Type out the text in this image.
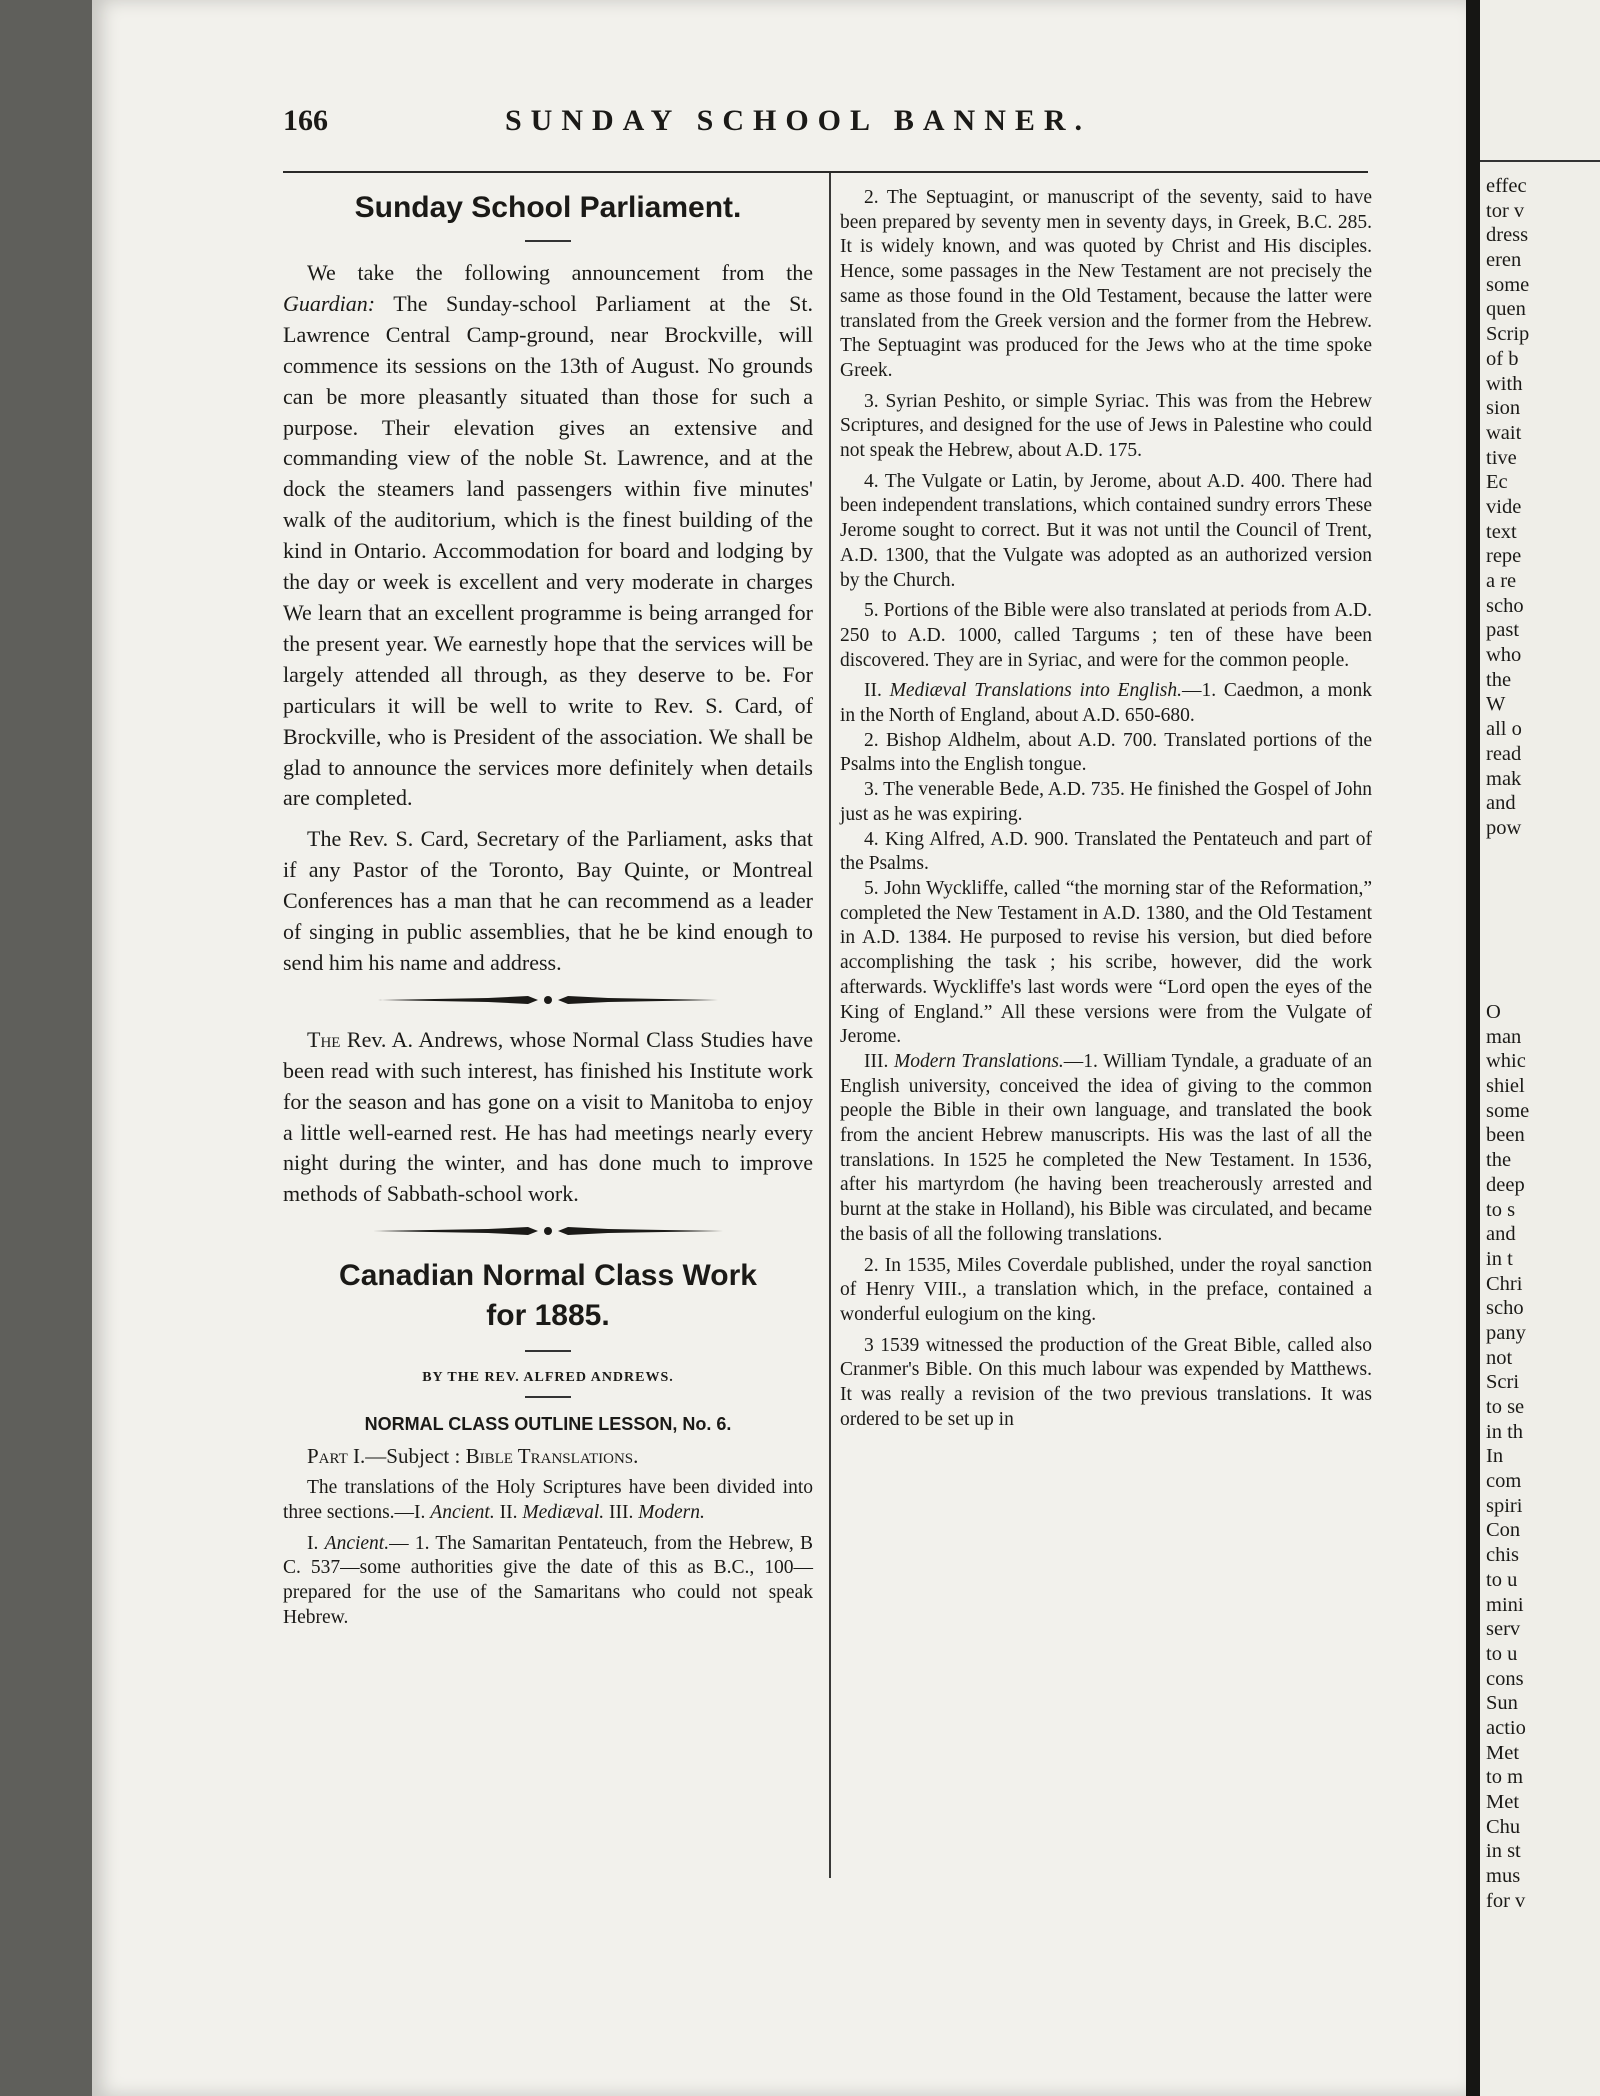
166	SUNDAY SCHOOL BANNER.
Sunday School Parliament.

We take the following announcement from the Guardian: The Sunday-school Parliament at the St. Lawrence Central Camp-ground, near Brockville, will commence its sessions on the 13th of August. No grounds can be more pleasantly situated than those for such a purpose. Their elevation gives an extensive and commanding view of the noble St. Lawrence, and at the dock the steamers land passengers within five minutes' walk of the auditorium, which is the finest building of the kind in Ontario. Accommodation for board and lodging by the day or week is excellent and very moderate in charges We learn that an excellent programme is being arranged for the present year. We earnestly hope that the services will be largely attended all through, as they deserve to be. For particulars it will be well to write to Rev. S. Card, of Brockville, who is President of the association. We shall be glad to announce the services more definitely when details are completed.

The Rev. S. Card, Secretary of the Parliament, asks that if any Pastor of the Toronto, Bay Quinte, or Montreal Conferences has a man that he can recommend as a leader of singing in public assemblies, that he be kind enough to send him his name and address.

The Rev. A. Andrews, whose Normal Class Studies have been read with such interest, has finished his Institute work for the season and has gone on a visit to Manitoba to enjoy a little well-earned rest. He has had meetings nearly every night during the winter, and has done much to improve methods of Sabbath-school work.

Canadian Normal Class Work
for 1885.
BY THE REV. ALFRED ANDREWS.
NORMAL CLASS OUTLINE LESSON, No. 6.

Part I.—Subject : Bible Translations.

The translations of the Holy Scriptures have been divided into three sections.—I. Ancient. II. Mediæval. III. Modern.

I. Ancient.— 1. The Samaritan Pentateuch, from the Hebrew, B C. 537—some authorities give the date of this as B.C., 100—prepared for the use of the Samaritans who could not speak Hebrew.

2. The Septuagint, or manuscript of the seventy, said to have been prepared by seventy men in seventy days, in Greek, B.C. 285. It is widely known, and was quoted by Christ and His disciples. Hence, some passages in the New Testament are not precisely the same as those found in the Old Testament, because the latter were translated from the Greek version and the former from the Hebrew. The Septuagint was produced for the Jews who at the time spoke Greek.

3. Syrian Peshito, or simple Syriac. This was from the Hebrew Scriptures, and designed for the use of Jews in Palestine who could not speak the Hebrew, about A.D. 175.

4. The Vulgate or Latin, by Jerome, about A.D. 400. There had been independent translations, which contained sundry errors These Jerome sought to correct. But it was not until the Council of Trent, A.D. 1300, that the Vulgate was adopted as an authorized version by the Church.

5. Portions of the Bible were also translated at periods from A.D. 250 to A.D. 1000, called Targums ; ten of these have been discovered. They are in Syriac, and were for the common people.

II. Mediæval Translations into English.—1. Caedmon, a monk in the North of England, about A.D. 650-680.

2. Bishop Aldhelm, about A.D. 700. Translated portions of the Psalms into the English tongue.

3. The venerable Bede, A.D. 735. He finished the Gospel of John just as he was expiring.

4. King Alfred, A.D. 900. Translated the Pentateuch and part of the Psalms.

5. John Wyckliffe, called “the morning star of the Reformation,” completed the New Testament in A.D. 1380, and the Old Testament in A.D. 1384. He purposed to revise his version, but died before accomplishing the task ; his scribe, however, did the work afterwards. Wyckliffe's last words were “Lord open the eyes of the King of England.” All these versions were from the Vulgate of Jerome.

III. Modern Translations.—1. William Tyndale, a graduate of an English university, conceived the idea of giving to the common people the Bible in their own language, and translated the book from the ancient Hebrew manuscripts. His was the last of all the translations. In 1525 he completed the New Testament. In 1536, after his martyrdom (he having been treacherously arrested and burnt at the stake in Holland), his Bible was circulated, and became the basis of all the following translations.

2. In 1535, Miles Coverdale published, under the royal sanction of Henry VIII., a translation which, in the preface, contained a wonderful eulogium on the king.

3 1539 witnessed the production of the Great Bible, called also Cranmer's Bible. On this much labour was expended by Matthews. It was really a revision of the two previous translations. It was ordered to be set up in

effec
tor v
dress
eren
some
quen
Scrip
of b
with
sion
wait
tive
Ec
vide
text
repe
a re
scho
past
who
the
W
all o
read
mak
and
pow
O
man
whic
shiel
some
been
the
deep
to s
and
in t
Chri
scho
pany
not
Scri
to se
in th
In
com
spiri
Con
chis
to u
mini
serv
to u
cons
Sun
actio
Met
to m
Met
Chu
in st
mus
for v
